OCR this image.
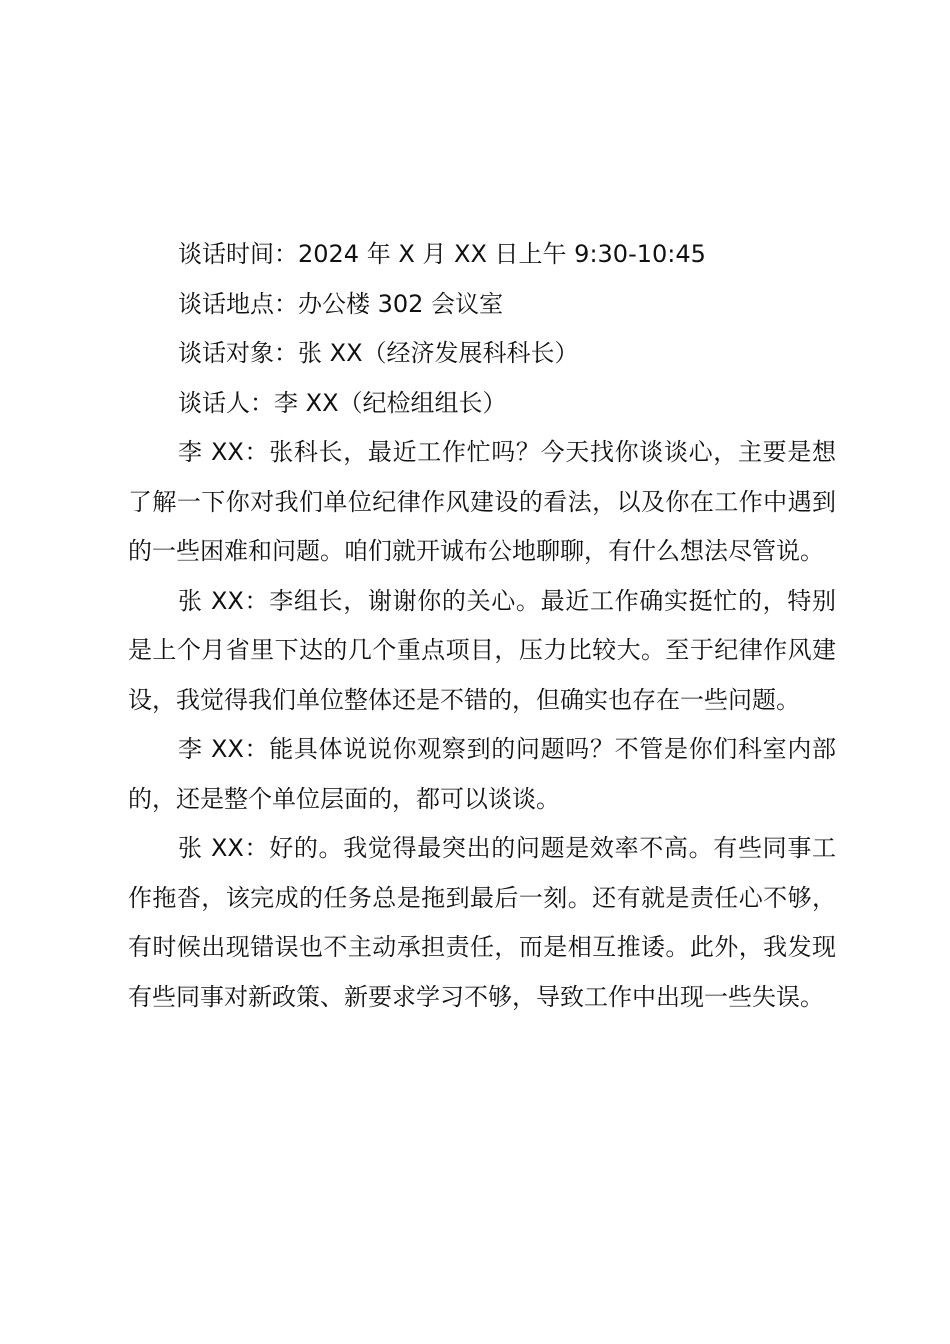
谈话时间：2024 年 X 月 XX 日上午 9:30-10:45

谈话地点：办公楼 302 会议室

谈话对象：张 XX（经济发展科科长）

谈话人：李 XX（纪检组组长）

李 XX：张科长，最近工作忙吗？今天找你谈谈心，主要是想了解一下你对我们单位纪律作风建设的看法，以及你在工作中遇到的一些困难和问题。咱们就开诚布公地聊聊，有什么想法尽管说。

张 XX：李组长，谢谢你的关心。最近工作确实挺忙的，特别是上个月省里下达的几个重点项目，压力比较大。至于纪律作风建设，我觉得我们单位整体还是不错的，但确实也存在一些问题。

李 XX：能具体说说你观察到的问题吗？不管是你们科室内部的，还是整个单位层面的，都可以谈谈。

张 XX：好的。我觉得最突出的问题是效率不高。有些同事工作拖沓，该完成的任务总是拖到最后一刻。还有就是责任心不够，有时候出现错误也不主动承担责任，而是相互推诿。此外，我发现有些同事对新政策、新要求学习不够，导致工作中出现一些失误。
